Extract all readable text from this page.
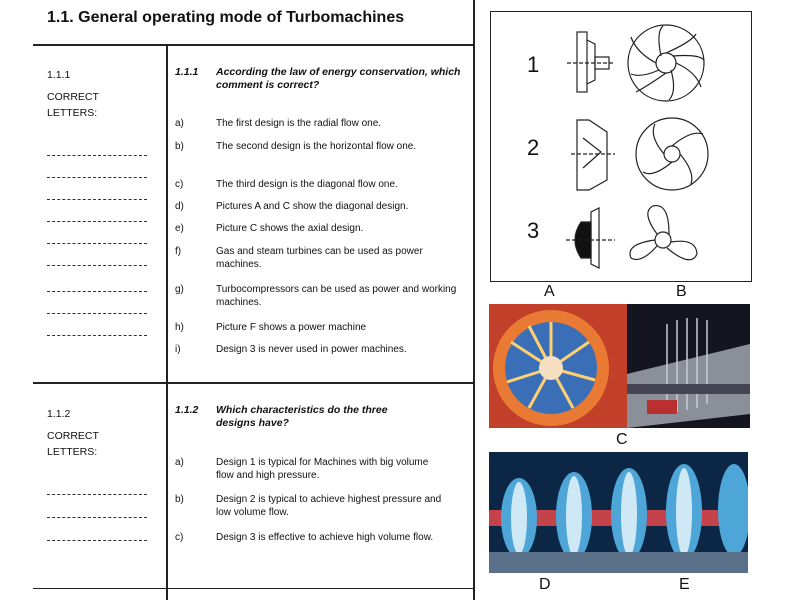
1.1. General operating mode of Turbomachines
1.1.1
CORRECT
LETTERS:
1.1.2
CORRECT
LETTERS:
1.1.1 According the law of energy conservation, which comment is correct?
a)	The first design is the radial flow one.
b)	The second design is the horizontal flow one.
c)	The third design is the diagonal flow one.
d)	Pictures A and C show the diagonal design.
e)	Picture C shows the axial design.
f)	Gas and steam turbines can be used as power machines.
g)	Turbocompressors can be used as power and working machines.
h)	Picture F shows a power machine
i)	Design 3 is never used in power machines.
1.1.2 Which characteristics do the three designs have?
a)	Design 1 is typical for Machines with big volume flow and high pressure.
b)	Design 2 is typical to achieve highest pressure and low volume flow.
c)	Design 3 is effective to achieve high volume flow.
1
2
3
A	B
C
D	E
